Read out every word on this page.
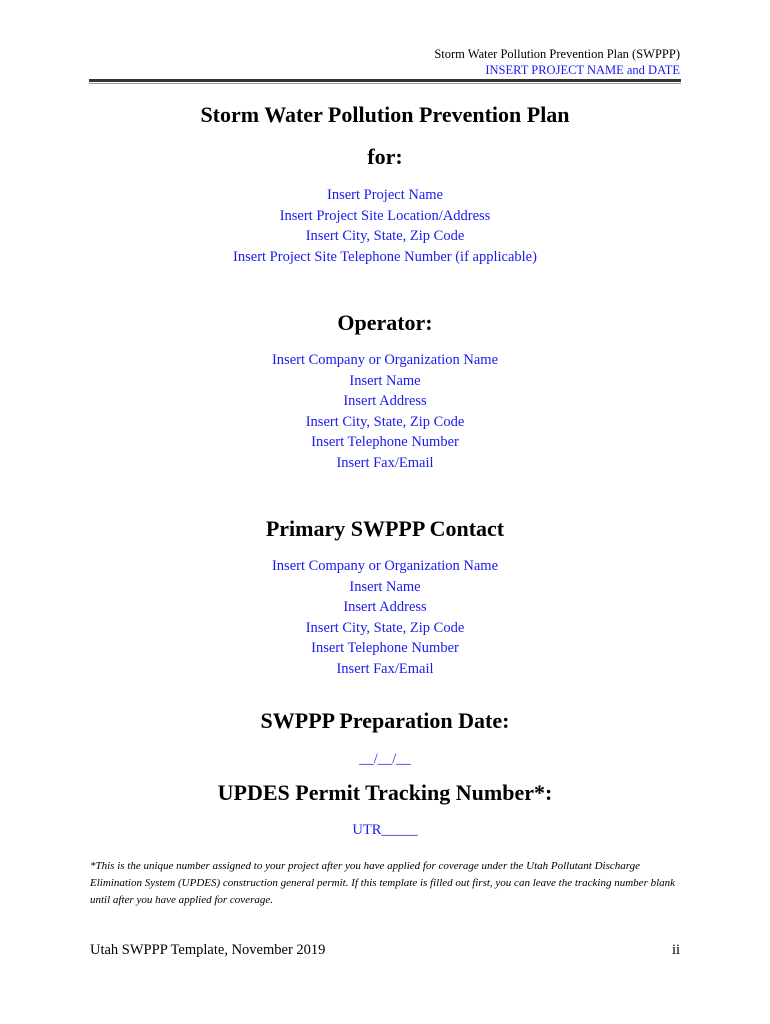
Storm Water Pollution Prevention Plan (SWPPP)
INSERT PROJECT NAME and DATE
Storm Water Pollution Prevention Plan
for:
Insert Project Name
Insert Project Site Location/Address
Insert City, State, Zip Code
Insert Project Site Telephone Number (if applicable)
Operator:
Insert Company or Organization Name
Insert Name
Insert Address
Insert City, State, Zip Code
Insert Telephone Number
Insert Fax/Email
Primary SWPPP Contact
Insert Company or Organization Name
Insert Name
Insert Address
Insert City, State, Zip Code
Insert Telephone Number
Insert Fax/Email
SWPPP Preparation Date:
__/__/__
UPDES Permit Tracking Number*:
UTR_____
*This is the unique number assigned to your project after you have applied for coverage under the Utah Pollutant Discharge Elimination System (UPDES) construction general permit. If this template is filled out first, you can leave the tracking number blank until after you have applied for coverage.
Utah SWPPP Template, November 2019	ii
